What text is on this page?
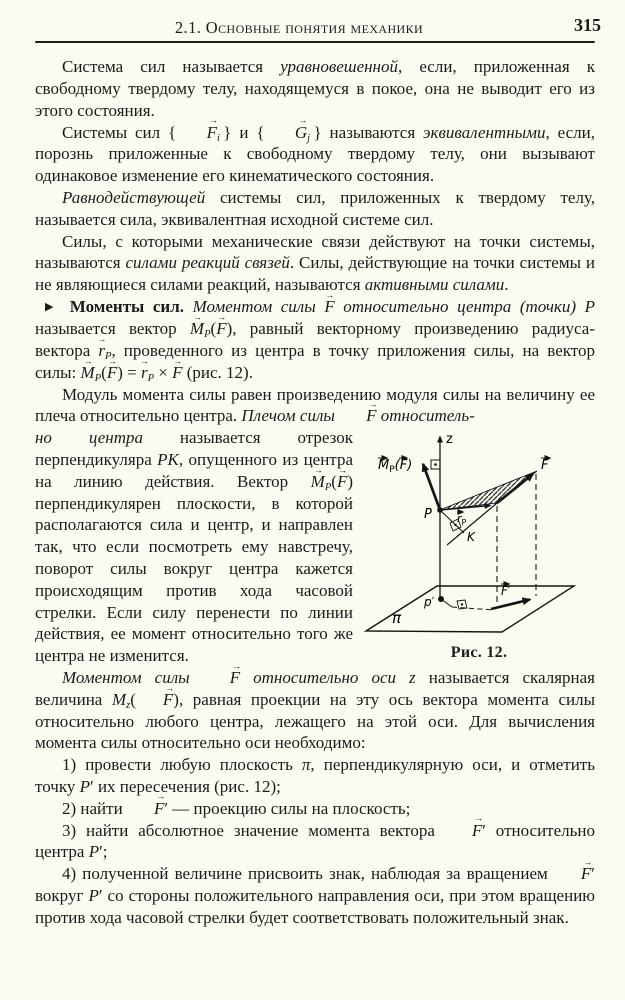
2.1. Основные понятия механики	315

Система сил называется уравновешенной, если, приложенная к свободному твердому телу, находящемуся в покое, она не выводит его из этого состояния.

Системы сил { $F \to_i$ } и { $G \to_j$ } называются эквивалентными, если, порознь приложенные к свободному твердому телу, они вызывают одинаковое изменение его кинематического состояния.

Равнодействующей системы сил, приложенных к твердому телу, называется сила, эквивалентная исходной системе сил.

Силы, с которыми механические связи действуют на точки системы, называются силами реакций связей. Силы, действующие на точки системы и не являющиеся силами реакций, называются активными силами.

▶ Моменты сил. Моментом силы F → относительно центра (точки) P называется вектор $M \to_P(F$ →), равный векторному произведению радиуса-вектора $r \to_P$, проведенного из центра в точку приложения силы, на вектор силы: $M \to_P(F$ →) = $r \to_P \times F \to (рис$. 12).

Модуль момента силы равен произведению модуля силы на величину ее плеча относительно центра. Плечом силы F → относитель-

z
F
$M_P(F)$
$r_P$
K
P
p′
F′
π
Рис. 12.
но центра называется отрезок перпендикуляра PK, опущенного из центра на линию действия. Вектор $M \to_P(F$ →) перпендикулярен плоскости, в которой располагаются сила и центр, и направлен так, что если посмотреть ему навстречу, поворот силы вокруг центра кажется происходящим против хода часовой стрелки. Если силу перенести по линии действия, ее момент относительно того же центра не изменится.

Моментом силы F → относительно оси z называется скалярная величина $M_z$( F →), равная проекции на эту ось вектора момента силы относительно любого центра, лежащего на этой оси. Для вычисления момента силы относительно оси необходимо:

1) провести любую плоскость π, перпендикулярную оси, и отметить точку P′ их пересечения (рис. 12);

2) найти F →′ — проекцию силы на плоскость;

3) найти абсолютное значение момента вектора F →′ относительно центра P′;

4) полученной величине присвоить знак, наблюдая за вращением F →′ вокруг P′ со стороны положительного направления оси, при этом вращению против хода часовой стрелки будет соответствовать положительный знак.
